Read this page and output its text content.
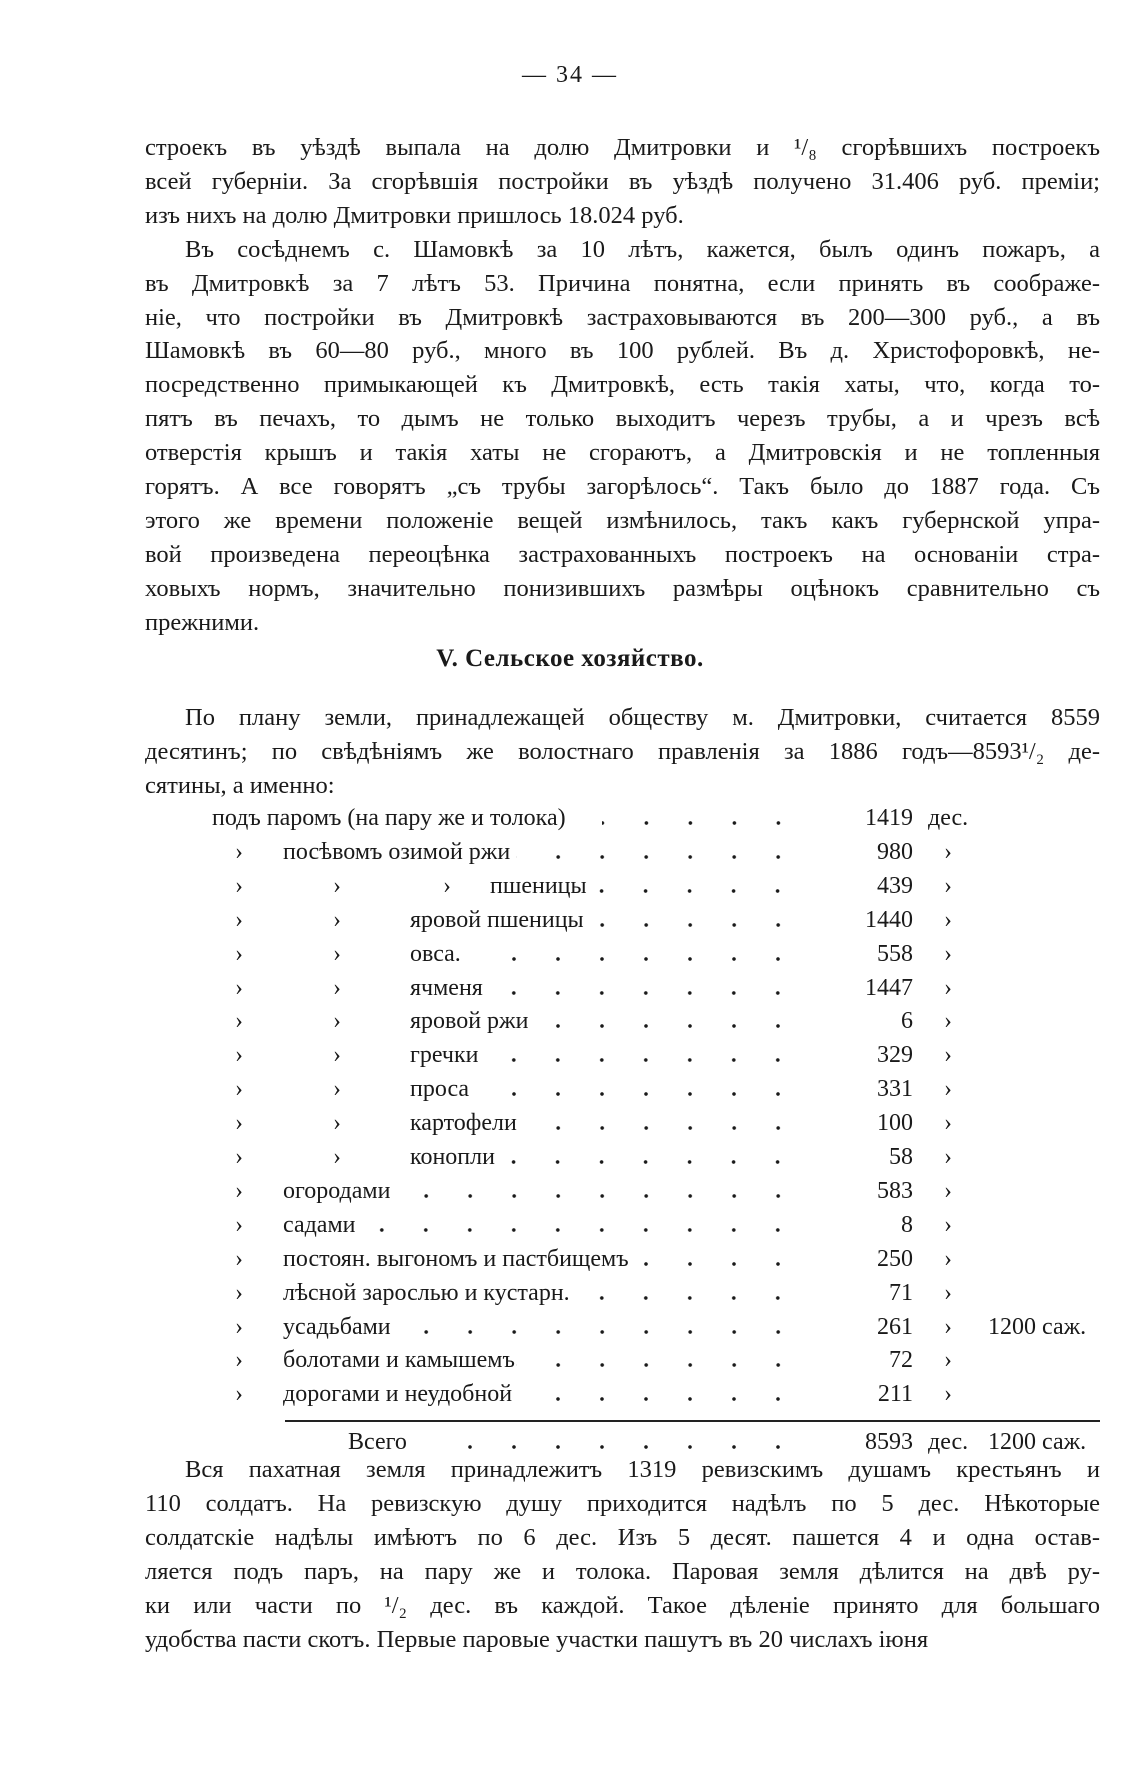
— 34 —
строекъ въ уѣздѣ выпала на долю Дмитровки и ¹/₈ сгорѣвшихъ построекъ
всей губерніи. За сгорѣвшія постройки въ уѣздѣ получено 31.406 руб. преміи;
изъ нихъ на долю Дмитровки пришлось 18.024 руб.
Въ сосѣднемъ с. Шамовкѣ за 10 лѣтъ, кажется, былъ одинъ пожаръ, а
въ Дмитровкѣ за 7 лѣтъ 53. Причина понятна, если принять въ соображе-
ніе, что постройки въ Дмитровкѣ застраховываются въ 200—300 руб., а въ
Шамовкѣ въ 60—80 руб., много въ 100 рублей. Въ д. Христофоровкѣ, не-
посредственно примыкающей къ Дмитровкѣ, есть такія хаты, что, когда то-
пятъ въ печахъ, то дымъ не только выходитъ черезъ трубы, а и чрезъ всѣ
отверстія крышъ и такія хаты не сгораютъ, а Дмитровскія и не топленныя
горятъ. А все говорятъ „съ трубы загорѣлось“. Такъ было до 1887 года. Съ
этого же времени положеніе вещей измѣнилось, такъ какъ губернской упра-
вой произведена переоцѣнка застрахованныхъ построекъ на основаніи стра-
ховыхъ нормъ, значительно понизившихъ размѣры оцѣнокъ сравнительно съ
прежними.
По плану земли, принадлежащей обществу м. Дмитровки, считается 8559
десятинъ; по свѣдѣніямъ же волостнаго правленія за 1886 годъ—8593¹/₂ де-
сятины, а именно:
Вся пахатная земля принадлежитъ 1319 ревизскимъ душамъ крестьянъ и
110 солдатъ. На ревизскую душу приходится надѣлъ по 5 дес. Нѣкоторые
солдатскіе надѣлы имѣютъ по 6 дес. Изъ 5 десят. пашется 4 и одна остав-
ляется подъ паръ, на пару же и толока. Паровая земля дѣлится на двѣ ру-
ки или части по ¹/₂ дес. въ каждой. Такое дѣленіе принято для большаго
удобства пасти скотъ. Первые паровые участки пашутъ въ 20 числахъ іюня
V. Сельское хозяйство.
подъ паромъ (на пару же и толока)	1419 дес.
› посѣвомъ озимой ржи	980 ›
›	›	› пшеницы	439 ›
›	›	яровой пшеницы	1440 ›
›	›	овса.	558 ›
›	›	ячменя	1447 ›
›	›	яровой ржи	6 ›
›	›	гречки	329 ›
›	›	проса	331 ›
›	›	картофели	100 ›
›	›	конопли	58 ›
› огородами	583 ›
› садами	8 ›
› постоян. выгономъ и пастбищемъ	250 ›
› лѣсной зарослью и кустарн.	71 ›
› усадьбами	261 › 1200 саж.
› болотами и камышемъ	72 ›
› дорогами и неудобной	211 ›
Всего	8593 дес. 1200 саж.
